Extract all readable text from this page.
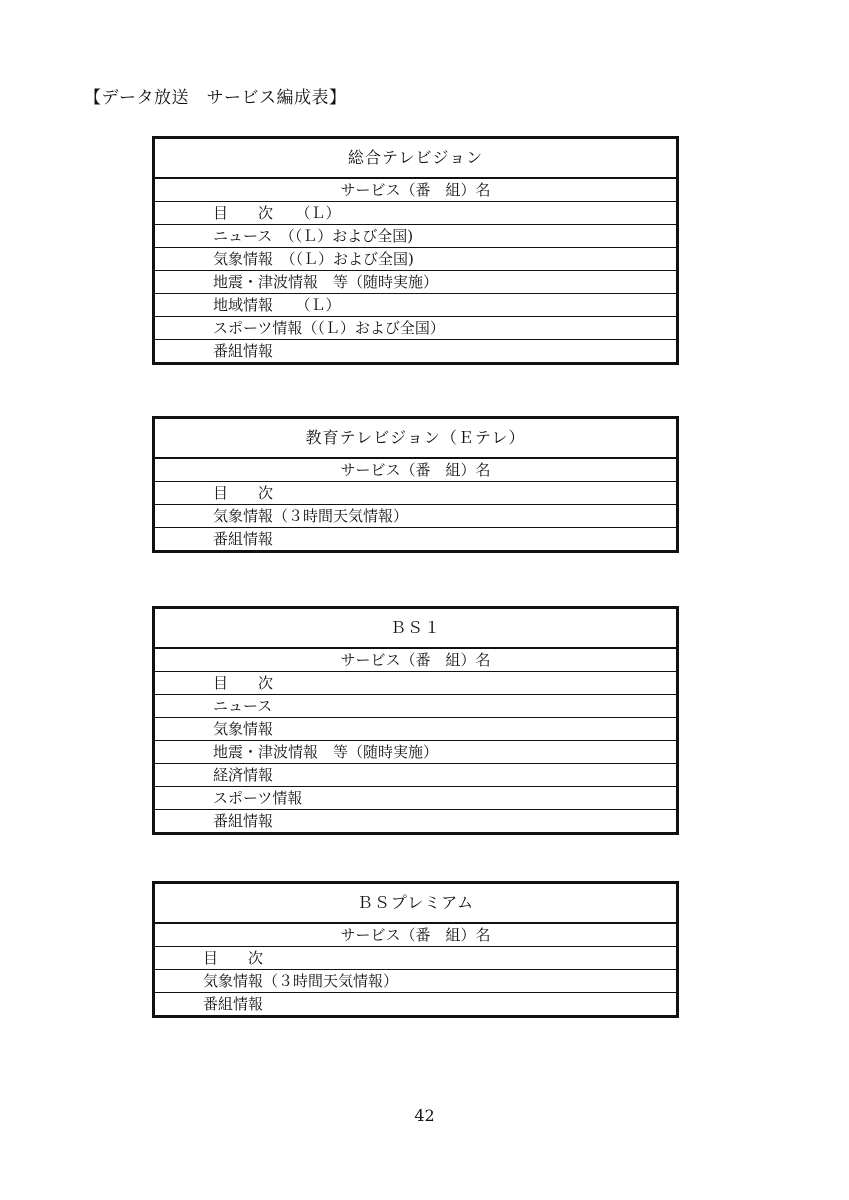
【データ放送　サービス編成表】
総合テレビジョン
サービス（番　組）名
目　　次　　（Ｌ）
ニュース　（（Ｌ）および全国)
気象情報　（（Ｌ）および全国)
地震・津波情報　等（随時実施）
地域情報　　（Ｌ）
スポーツ情報（（Ｌ）および全国）
番組情報
教育テレビジョン（Ｅテレ）
サービス（番　組）名
目　　次
気象情報（３時間天気情報）
番組情報
ＢＳ１
サービス（番　組）名
目　　次
ニュース
気象情報
地震・津波情報　等（随時実施）
経済情報
スポーツ情報
番組情報
ＢＳプレミアム
サービス（番　組）名
目　　次
気象情報（３時間天気情報）
番組情報
42
